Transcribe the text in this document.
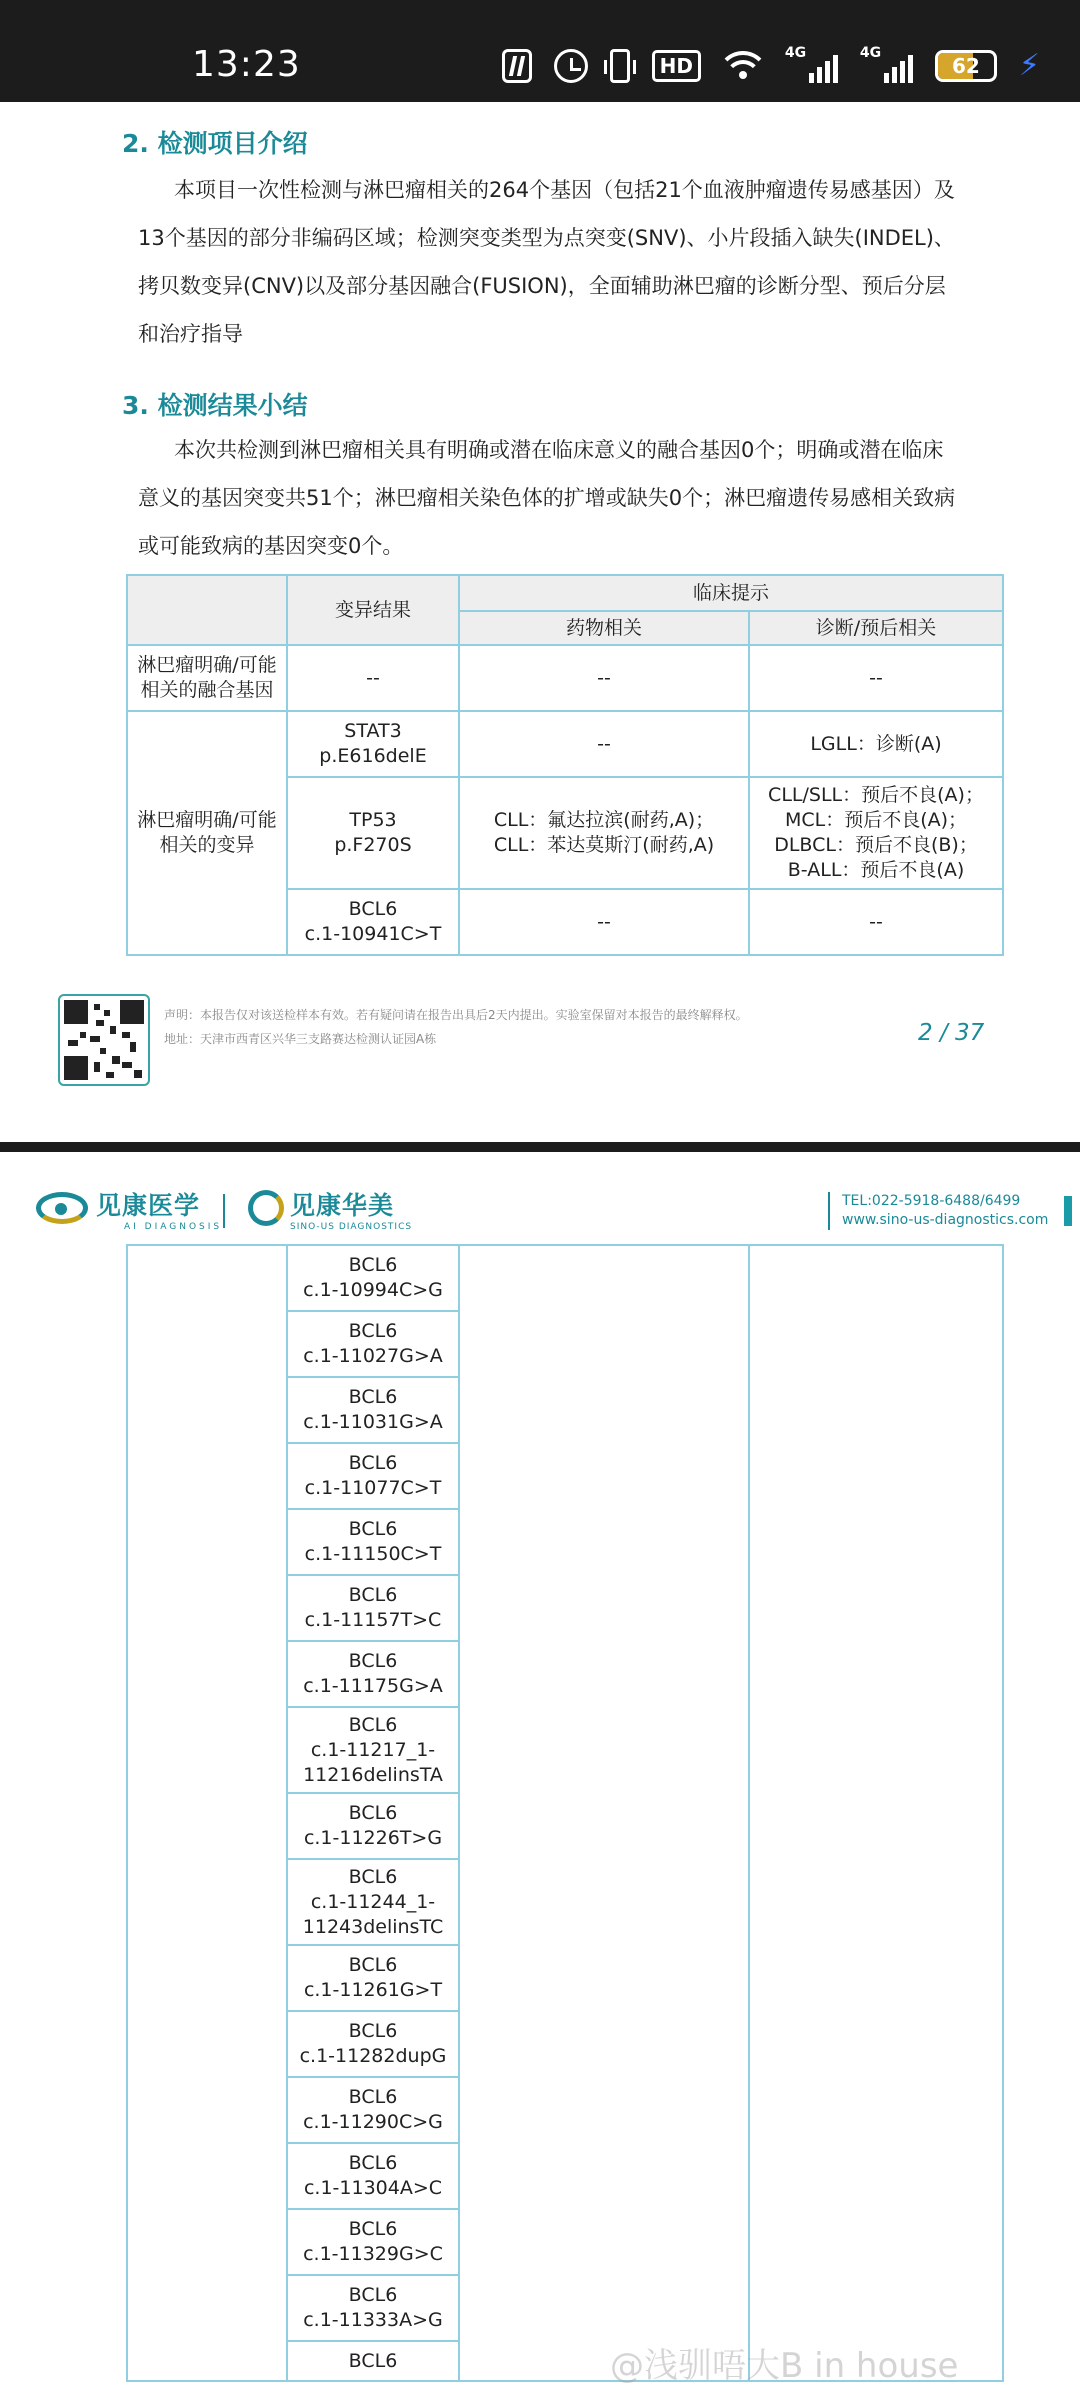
13:23	HD
4G	4G
62	⚡
2. 检测项目介绍
本项目一次性检测与淋巴瘤相关的264个基因（包括21个血液肿瘤遗传易感基因）及
13个基因的部分非编码区域；检测突变类型为点突变(SNV)、小片段插入缺失(INDEL)、
拷贝数变异(CNV)以及部分基因融合(FUSION)，全面辅助淋巴瘤的诊断分型、预后分层
和治疗指导
3. 检测结果小结
本次共检测到淋巴瘤相关具有明确或潜在临床意义的融合基因0个；明确或潜在临床
意义的基因突变共51个；淋巴瘤相关染色体的扩增或缺失0个；淋巴瘤遗传易感相关致病
或可能致病的基因突变0个。
	变异结果	临床提示	
		药物相关	诊断/预后相关

淋巴瘤明确/可能
相关的融合基因	--	--	--

淋巴瘤明确/可能
相关的变异	STAT3
p.E616delE	--	LGLL：诊断(A)

	TP53
p.F270S	CLL：氟达拉滨(耐药,A)；
CLL：苯达莫斯汀(耐药,A)	CLL/SLL：预后不良(A)；
MCL：预后不良(A)；
DLBCL：预后不良(B)；
B-ALL：预后不良(A)

	BCL6
c.1-10941C>T	--	--
声明：本报告仅对该送检样本有效。若有疑问请在报告出具后2天内提出。实验室保留对本报告的最终解释权。
地址：天津市西青区兴华三支路赛达检测认证园A栋	2 / 37
见康医学
AI DIAGNOSIS
见康华美
SINO-US DIAGNOSTICS
TEL:022-5918-6488/6499
www.sino-us-diagnostics.com

BCL6
c.1-10994C>G

BCL6
c.1-11027G>A

BCL6
c.1-11031G>A

BCL6
c.1-11077C>T

BCL6
c.1-11150C>T

BCL6
c.1-11157T>C

BCL6
c.1-11175G>A

BCL6
c.1-11217_1-
11216delinsTA

BCL6
c.1-11226T>G

BCL6
c.1-11244_1-
11243delinsTC

BCL6
c.1-11261G>T

BCL6
c.1-11282dupG

BCL6
c.1-11290C>G

BCL6
c.1-11304A>C

BCL6
c.1-11329G>C

BCL6
c.1-11333A>G

BCL6	@浅驯唔大B in house
